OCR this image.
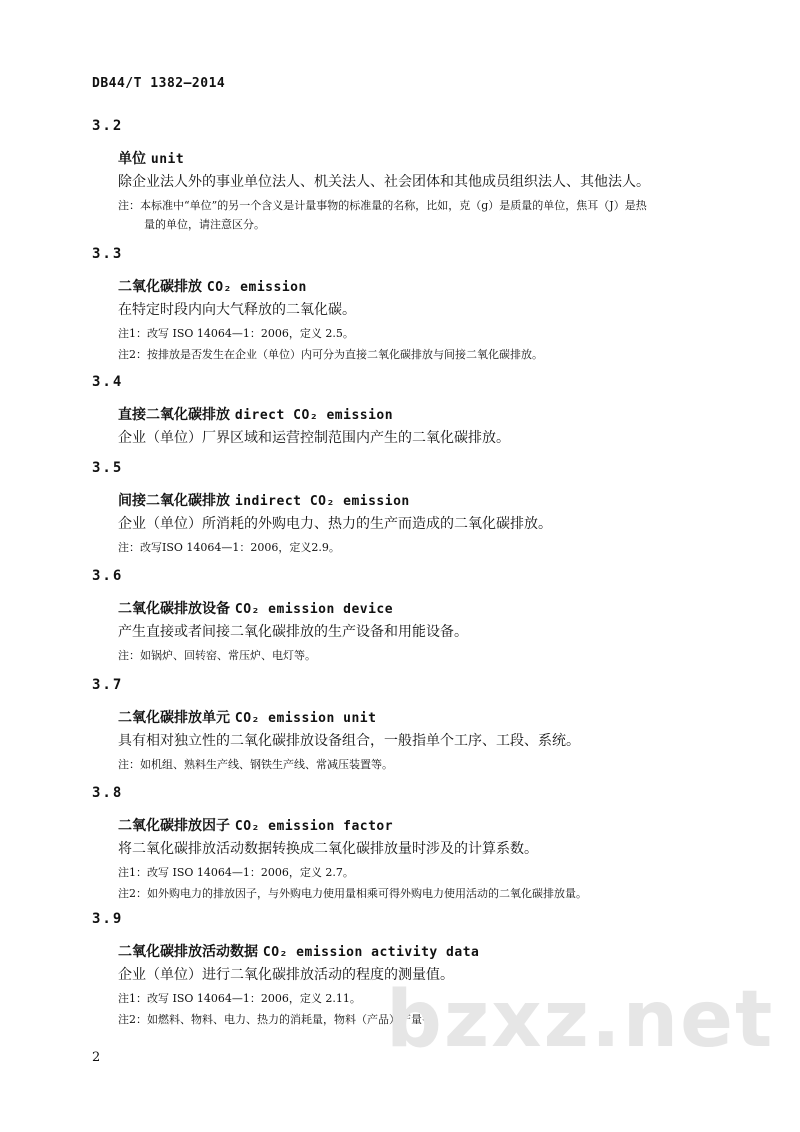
DB44/T 1382—2014
3.2
单位 unit
除企业法人外的事业单位法人、机关法人、社会团体和其他成员组织法人、其他法人。
注：本标准中“单位”的另一个含义是计量事物的标准量的名称，比如，克（g）是质量的单位，焦耳（J）是热
量的单位，请注意区分。
3.3
二氧化碳排放 CO₂ emission
在特定时段内向大气释放的二氧化碳。
注1：改写 ISO 14064—1：2006，定义 2.5。
注2：按排放是否发生在企业（单位）内可分为直接二氧化碳排放与间接二氧化碳排放。
3.4
直接二氧化碳排放 direct CO₂ emission
企业（单位）厂界区域和运营控制范围内产生的二氧化碳排放。
3.5
间接二氧化碳排放 indirect CO₂ emission
企业（单位）所消耗的外购电力、热力的生产而造成的二氧化碳排放。
注：改写ISO 14064—1：2006，定义2.9。
3.6
二氧化碳排放设备 CO₂ emission device
产生直接或者间接二氧化碳排放的生产设备和用能设备。
注：如锅炉、回转窑、常压炉、电灯等。
3.7
二氧化碳排放单元 CO₂ emission unit
具有相对独立性的二氧化碳排放设备组合，一般指单个工序、工段、系统。
注：如机组、熟料生产线、钢铁生产线、常减压装置等。
3.8
二氧化碳排放因子 CO₂ emission factor
将二氧化碳排放活动数据转换成二氧化碳排放量时涉及的计算系数。
注1：改写 ISO 14064—1：2006，定义 2.7。
注2：如外购电力的排放因子，与外购电力使用量相乘可得外购电力使用活动的二氧化碳排放量。
3.9
二氧化碳排放活动数据 CO₂ emission activity data
企业（单位）进行二氧化碳排放活动的程度的测量值。
注1：改写 ISO 14064—1：2006，定义 2.11。
注2：如燃料、物料、电力、热力的消耗量，物料（产品）产量等。
bzxz.net
2
